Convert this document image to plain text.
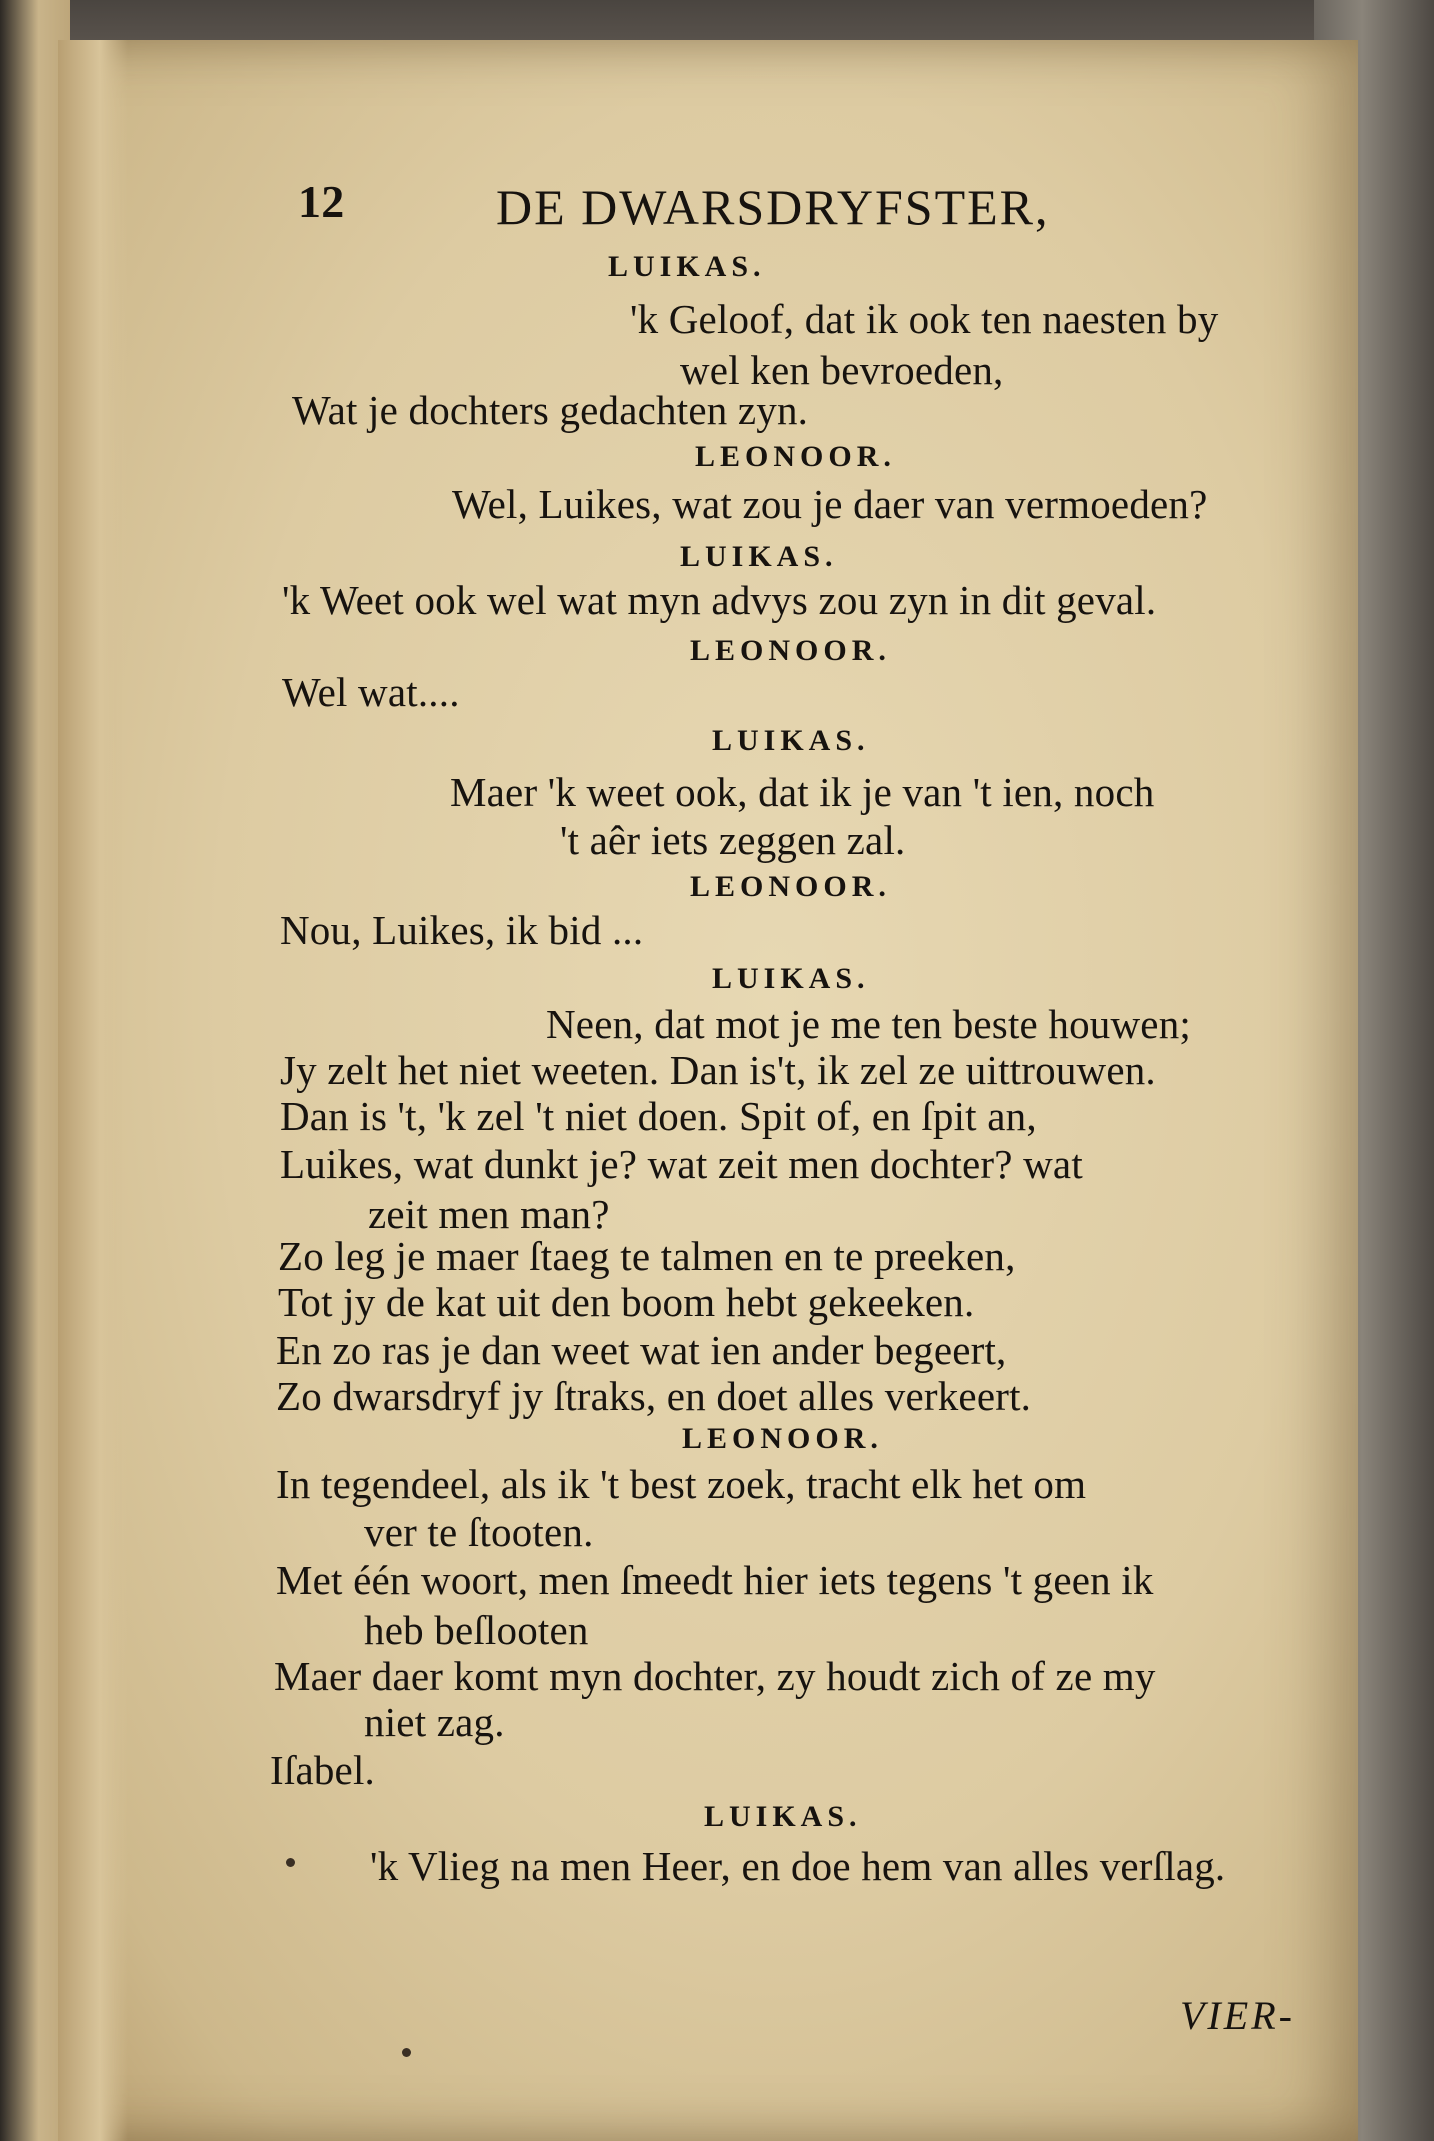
12	DE DWARSDRYFSTER,
LUIKAS.
'k Geloof, dat ik ook ten naesten by
wel ken bevroeden,
Wat je dochters gedachten zyn.
LEONOOR.
Wel, Luikes, wat zou je daer van vermoeden?
LUIKAS.
'k Weet ook wel wat myn advys zou zyn in dit geval.
LEONOOR.
Wel wat....
LUIKAS.
Maer 'k weet ook, dat ik je van 't ien, noch
't aêr iets zeggen zal.
LEONOOR.
Nou, Luikes, ik bid ...
LUIKAS.
Neen, dat mot je me ten beste houwen;
Jy zelt het niet weeten. Dan is't, ik zel ze uittrouwen.
Dan is 't, 'k zel 't niet doen. Spit of, en ſpit an,
Luikes, wat dunkt je? wat zeit men dochter? wat
zeit men man?
Zo leg je maer ſtaeg te talmen en te preeken,
Tot jy de kat uit den boom hebt gekeeken.
En zo ras je dan weet wat ien ander begeert,
Zo dwarsdryf jy ſtraks, en doet alles verkeert.
LEONOOR.
In tegendeel, als ik 't best zoek, tracht elk het om
ver te ſtooten.
Met één woort, men ſmeedt hier iets tegens 't geen ik
heb beſlooten
Maer daer komt myn dochter, zy houdt zich of ze my
niet zag.
Iſabel.
LUIKAS.
'k Vlieg na men Heer, en doe hem van alles verſlag.
VIER-
